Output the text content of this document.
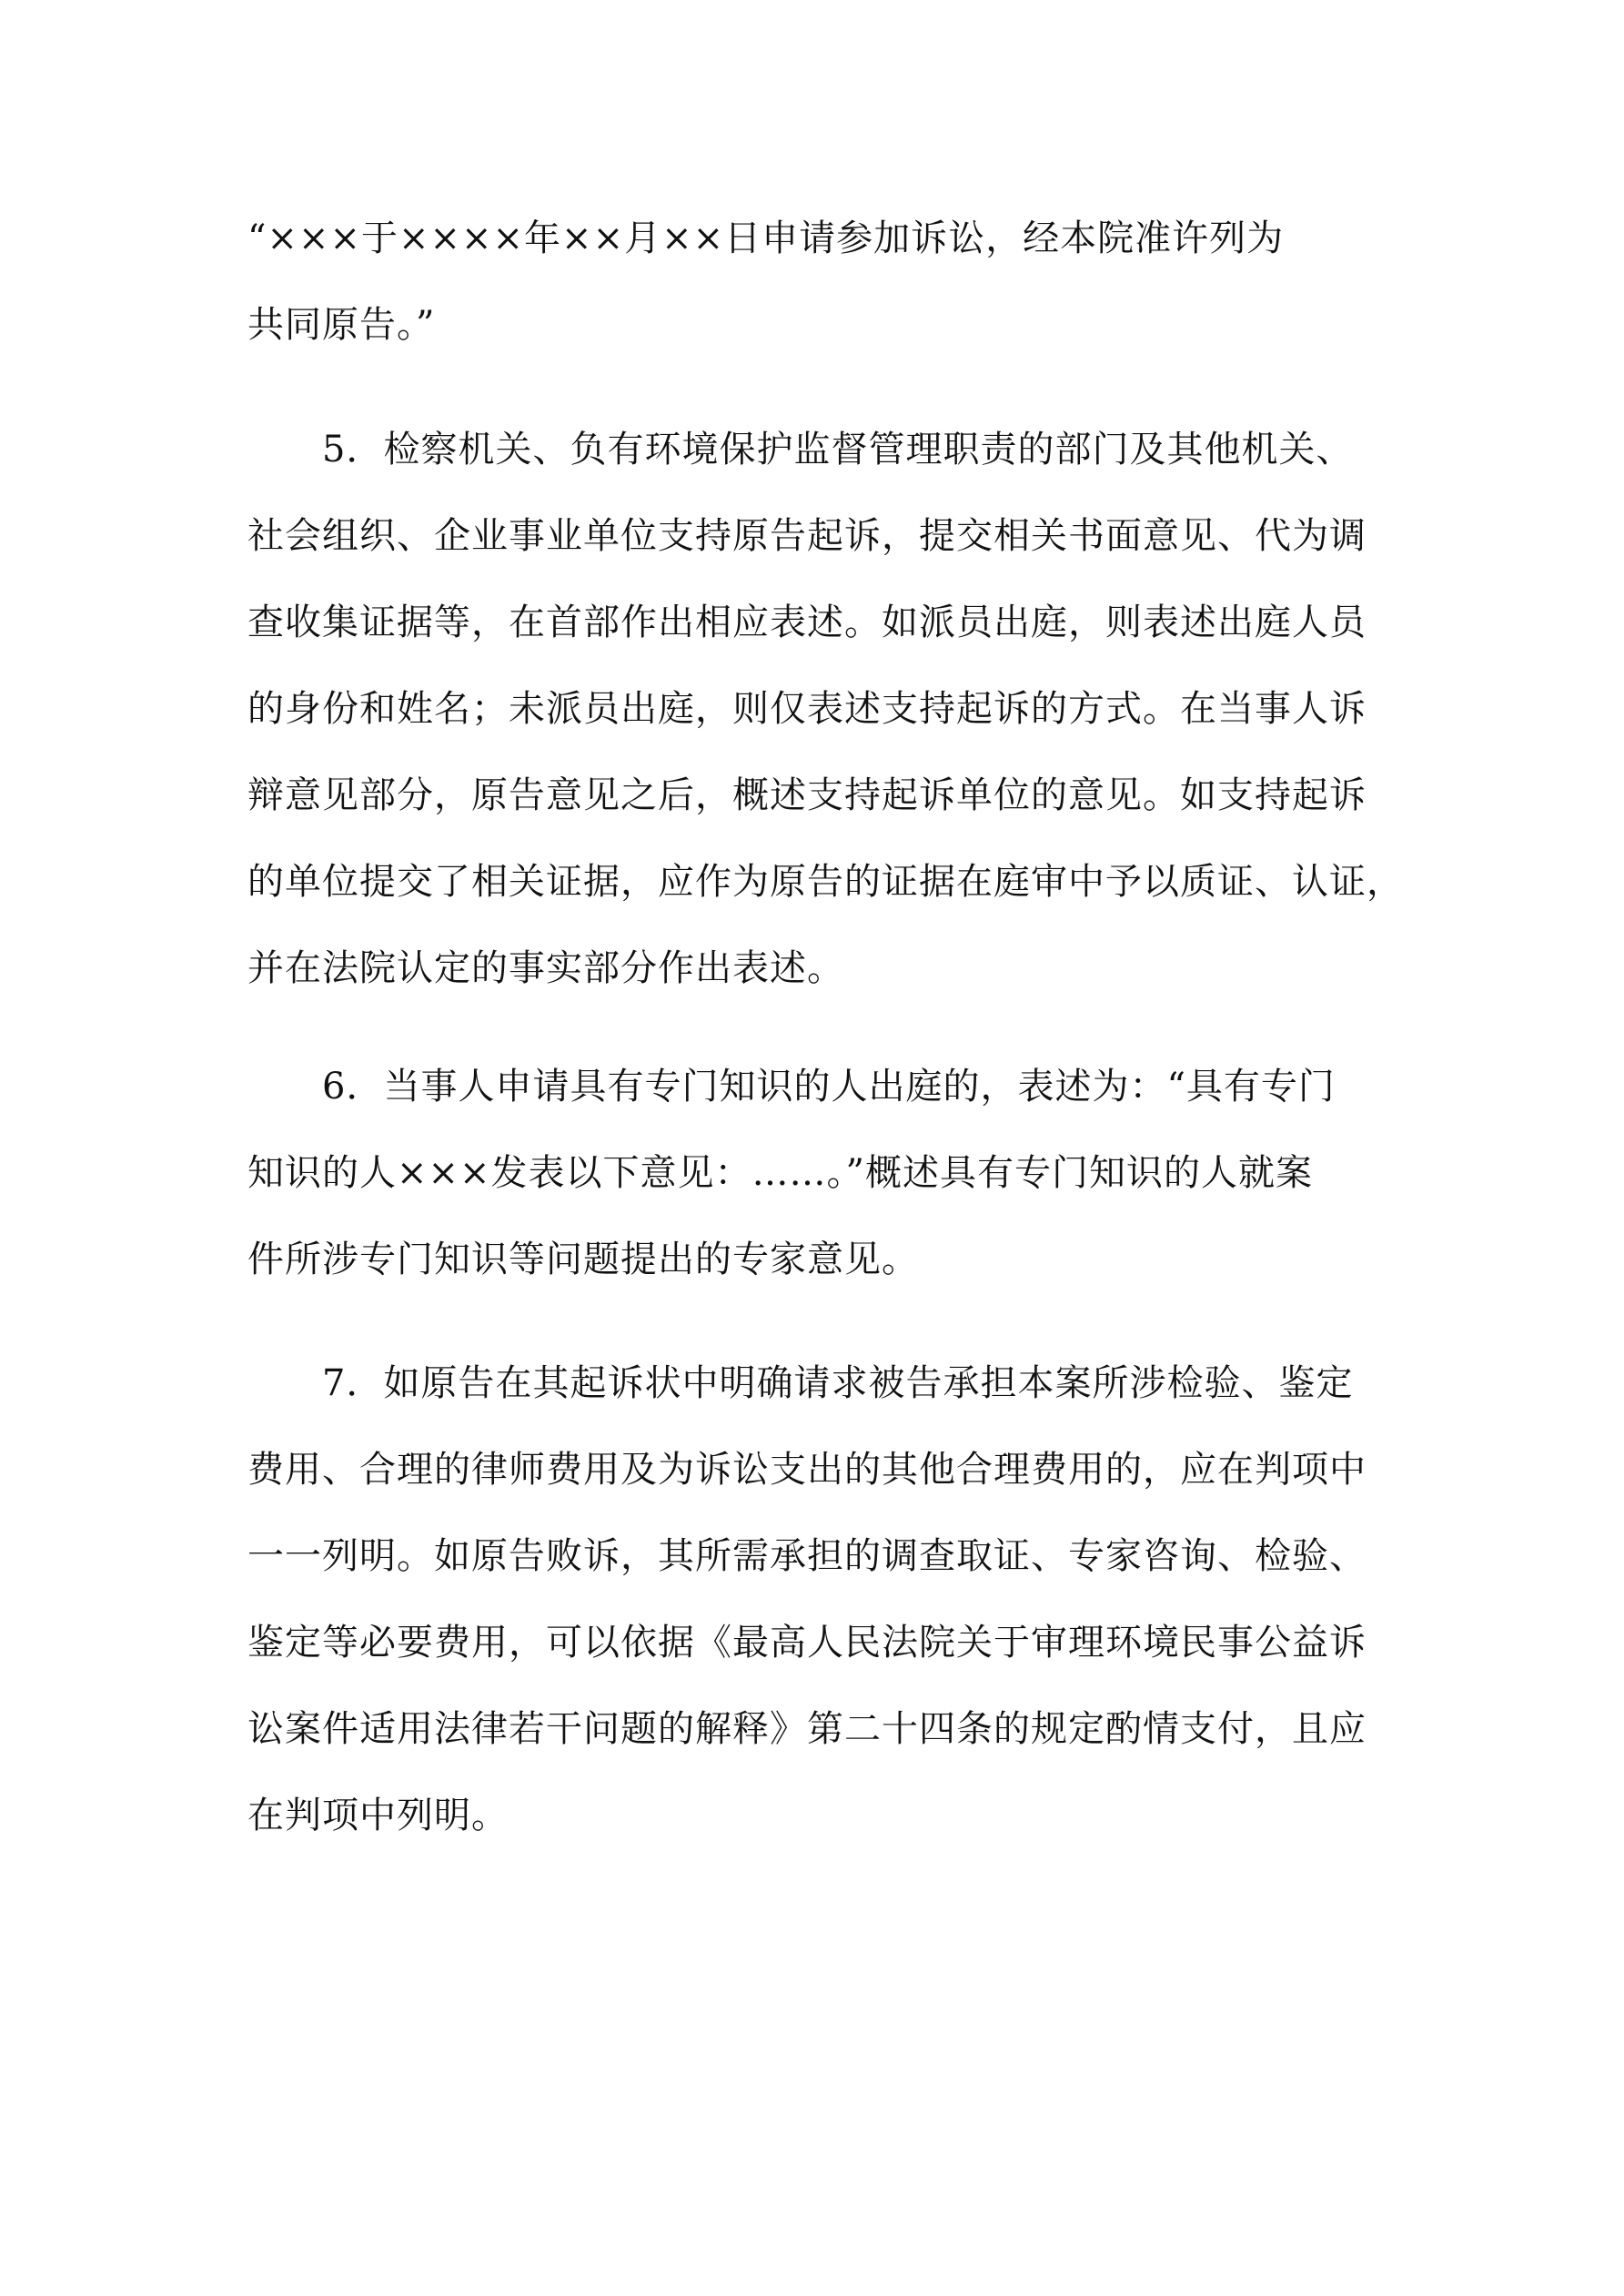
“×××于××××年××月××日申请参加诉讼，经本院准许列为
共同原告。”
　　5．检察机关、负有环境保护监督管理职责的部门及其他机关、
社会组织、企业事业单位支持原告起诉，提交相关书面意见、代为调
查收集证据等，在首部作出相应表述。如派员出庭，则表述出庭人员
的身份和姓名；未派员出庭，则仅表述支持起诉的方式。在当事人诉
辩意见部分，原告意见之后，概述支持起诉单位的意见。如支持起诉
的单位提交了相关证据，应作为原告的证据在庭审中予以质证、认证，
并在法院认定的事实部分作出表述。
　　6．当事人申请具有专门知识的人出庭的，表述为：“具有专门
知识的人×××发表以下意见：……。”概述具有专门知识的人就案
件所涉专门知识等问题提出的专家意见。
　　7．如原告在其起诉状中明确请求被告承担本案所涉检验、鉴定
费用、合理的律师费用及为诉讼支出的其他合理费用的，应在判项中
一一列明。如原告败诉，其所需承担的调查取证、专家咨询、检验、
鉴定等必要费用，可以依据《最高人民法院关于审理环境民事公益诉
讼案件适用法律若干问题的解释》第二十四条的规定酌情支付，且应
在判项中列明。
